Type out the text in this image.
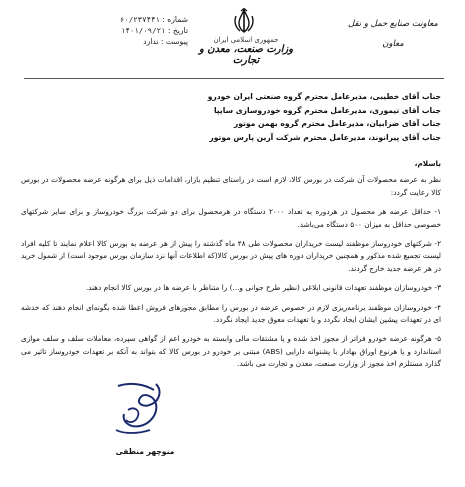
شماره : ۶۰/۲۳۷۴۴۱
تاریخ : ۱۴۰۱/۰۹/۲۱
پیوست : ندارد	جمهوری اسلامی ایران
وزارت صنعت، معدن و تجارت
معاونت صنایع حمل و نقل
معاون
جناب آقای خطیبی، مدیرعامل محترم گروه صنعتی ایران خودرو
جناب آقای تیموری، مدیرعامل محترم گروه خودروسازی سایپا
جناب آقای ضرابیان، مدیرعامل محترم گروه بهمن موتور
جناب آقای پیرانوند، مدیرعامل محترم شرکت آرین پارس موتور

باسلام،

نظر به عرضه محصولات آن شرکت در بورس کالا، لازم است در راستای تنظیم بازار، اقدامات ذیل برای هرگونه عرضه محصولات در بورس کالا رعایت گردد:

۱- حداقل عرضه هر محصول در هردوره به تعداد ۲۰۰۰ دستگاه در هرمحصول برای دو شرکت بزرگ خودروساز و برای سایر شرکتهای خصوصی حداقل به میزان ۵۰۰ دستگاه می‌باشد.

۲- شرکتهای خودروساز موظفند لیست خریداران محصولات طی ۴۸ ماه گذشته را پیش از هر عرضه به بورس کالا اعلام نمایند تا کلیه افراد لیست تجمیع شده مذکور و همچنین خریداران دوره های پیش در بورس کالا(که اطلاعات آنها نزد سازمان بورس موجود است) از شمول خرید در هر عرضه جدید خارج گردند.

۳- خودروسازان موظفند تعهدات قانونی ابلاغی (نظیر طرح جوانی و...) را متناظر با عرضه ها در بورس کالا انجام دهند.

۴- خودروسازان موظفند برنامه‌ریزی لازم در خصوص عرضه در بورس را مطابق مجوزهای فروش اعطا شده بگونه‌ای انجام دهند که خدشه ای در تعهدات پیشین ایشان ایجاد نگردد و یا تعهدات معوق جدید ایجاد نگردد.

۵- هرگونه عرضه خودرو فراتر از مجوز اخذ شده و یا مشتقات مالی وابسته به خودرو اعم از گواهی سپرده، معاملات سلف و سلف موازی استاندارد و یا هرنوع اوراق بهادار با پشتوانه دارایی (ABS) مبتنی بر خودرو در بورس کالا که بتواند به آنکه بر تعهدات خودروساز تاثیر می گذارد مستلزم اخذ مجوز از وزارت صنعت، معدن و تجارت می باشد.

منوچهر منطقی
